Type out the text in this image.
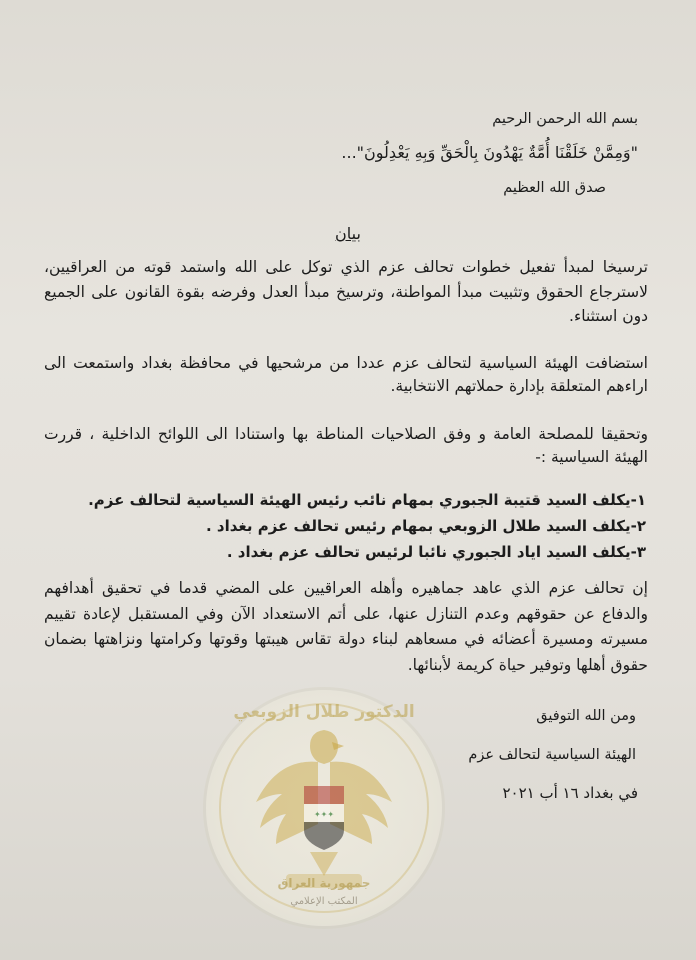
بسم الله الرحمن الرحيم
"وَمِمَّنْ خَلَقْنَا أُمَّةٌ يَهْدُونَ بِالْحَقِّ وَبِهِ يَعْدِلُونَ"...
صدق الله العظيم
بيان
ترسيخا لمبدأ تفعيل خطوات تحالف عزم الذي توكل على الله واستمد قوته من العراقيين، لاسترجاع الحقوق وتثبيت مبدأ المواطنة، وترسيخ مبدأ العدل وفرضه بقوة القانون على الجميع دون استثناء.
استضافت الهيئة السياسية لتحالف عزم عددا من مرشحيها في محافظة بغداد واستمعت الى اراءهم المتعلقة بإدارة حملاتهم الانتخابية.
وتحقيقا للمصلحة العامة و وفق الصلاحيات المناطة بها واستنادا الى اللوائح الداخلية ، قررت الهيئة السياسية :-
١-يكلف السيد قتيبة الجبوري بمهام نائب رئيس الهيئة السياسية لتحالف عزم.
٢-يكلف السيد طلال الزوبعي بمهام رئيس تحالف عزم بغداد .
٣-يكلف السيد اياد الجبوري نائبا لرئيس تحالف عزم بغداد .
إن تحالف عزم الذي عاهد جماهيره وأهله العراقيين على المضي قدما في تحقيق أهدافهم والدفاع عن حقوقهم وعدم التنازل عنها، على أتم الاستعداد الآن وفي المستقبل لإعادة تقييم مسيرته ومسيرة أعضائه في مسعاهم لبناء دولة تقاس هيبتها وقوتها وكرامتها ونزاهتها بضمان حقوق أهلها وتوفير حياة كريمة لأبنائها.
✦✦✦
الدكتور طلال الزوبعي
جمهورية العراق
المكتب الإعلامي
ومن الله التوفيق
الهيئة السياسية لتحالف عزم
في بغداد ١٦ أب ٢٠٢١
